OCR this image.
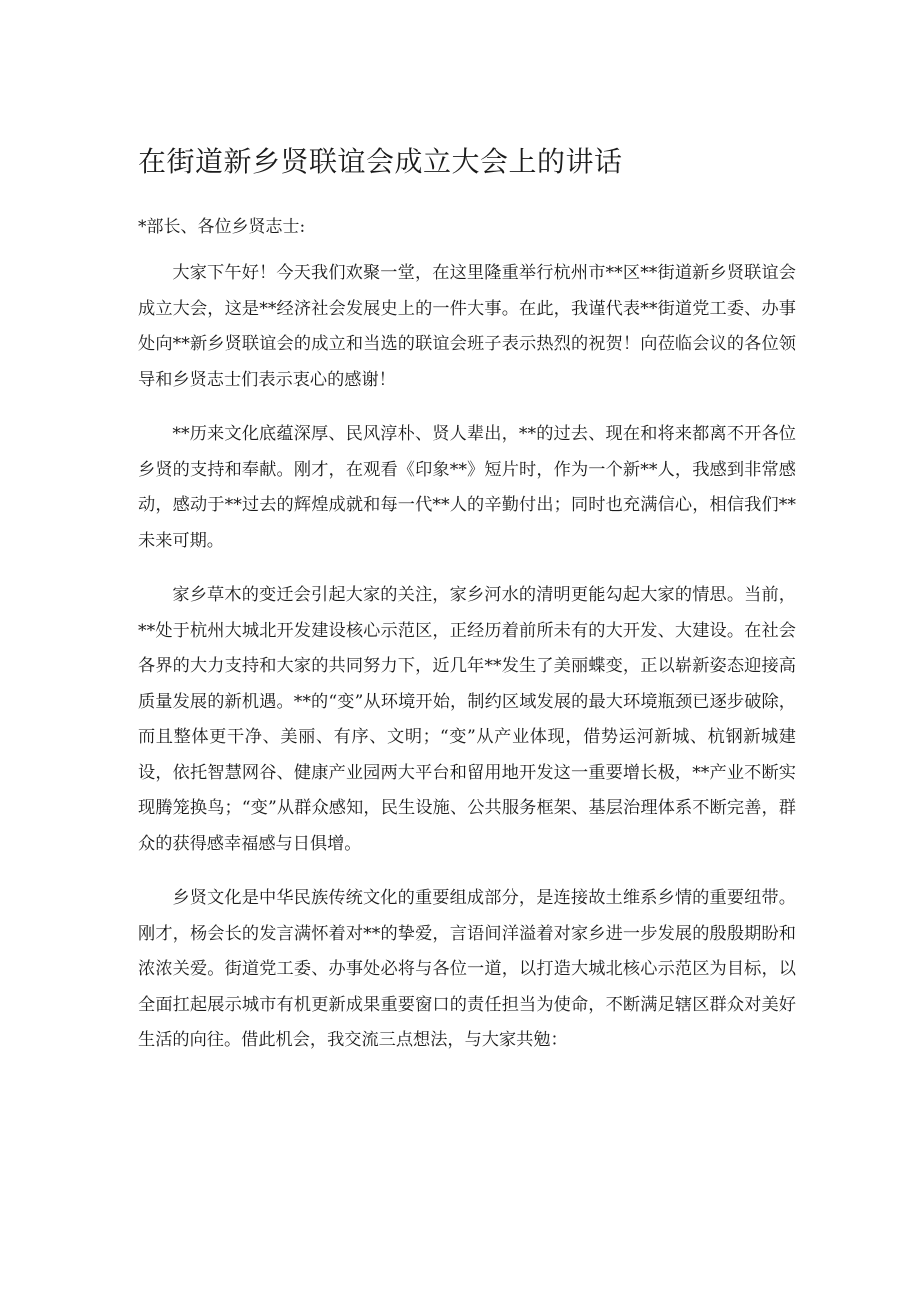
在街道新乡贤联谊会成立大会上的讲话

*部长、各位乡贤志士:

大家下午好！今天我们欢聚一堂，在这里隆重举行杭州市**区**街道新乡贤联谊会成立大会，这是**经济社会发展史上的一件大事。在此，我谨代表**街道党工委、办事处向**新乡贤联谊会的成立和当选的联谊会班子表示热烈的祝贺！向莅临会议的各位领导和乡贤志士们表示衷心的感谢！

**历来文化底蕴深厚、民风淳朴、贤人辈出，**的过去、现在和将来都离不开各位乡贤的支持和奉献。刚才，在观看《印象**》短片时，作为一个新**人，我感到非常感动，感动于**过去的辉煌成就和每一代**人的辛勤付出；同时也充满信心，相信我们**未来可期。

家乡草木的变迁会引起大家的关注，家乡河水的清明更能勾起大家的情思。当前，**处于杭州大城北开发建设核心示范区，正经历着前所未有的大开发、大建设。在社会各界的大力支持和大家的共同努力下，近几年**发生了美丽蝶变，正以崭新姿态迎接高质量发展的新机遇。**的“变”从环境开始，制约区域发展的最大环境瓶颈已逐步破除，而且整体更干净、美丽、有序、文明；“变”从产业体现，借势运河新城、杭钢新城建设，依托智慧网谷、健康产业园两大平台和留用地开发这一重要增长极，**产业不断实现腾笼换鸟；“变”从群众感知，民生设施、公共服务框架、基层治理体系不断完善，群众的获得感幸福感与日俱增。

乡贤文化是中华民族传统文化的重要组成部分，是连接故土维系乡情的重要纽带。刚才，杨会长的发言满怀着对**的挚爱，言语间洋溢着对家乡进一步发展的殷殷期盼和浓浓关爱。街道党工委、办事处必将与各位一道，以打造大城北核心示范区为目标，以全面扛起展示城市有机更新成果重要窗口的责任担当为使命，不断满足辖区群众对美好生活的向往。借此机会，我交流三点想法，与大家共勉：
